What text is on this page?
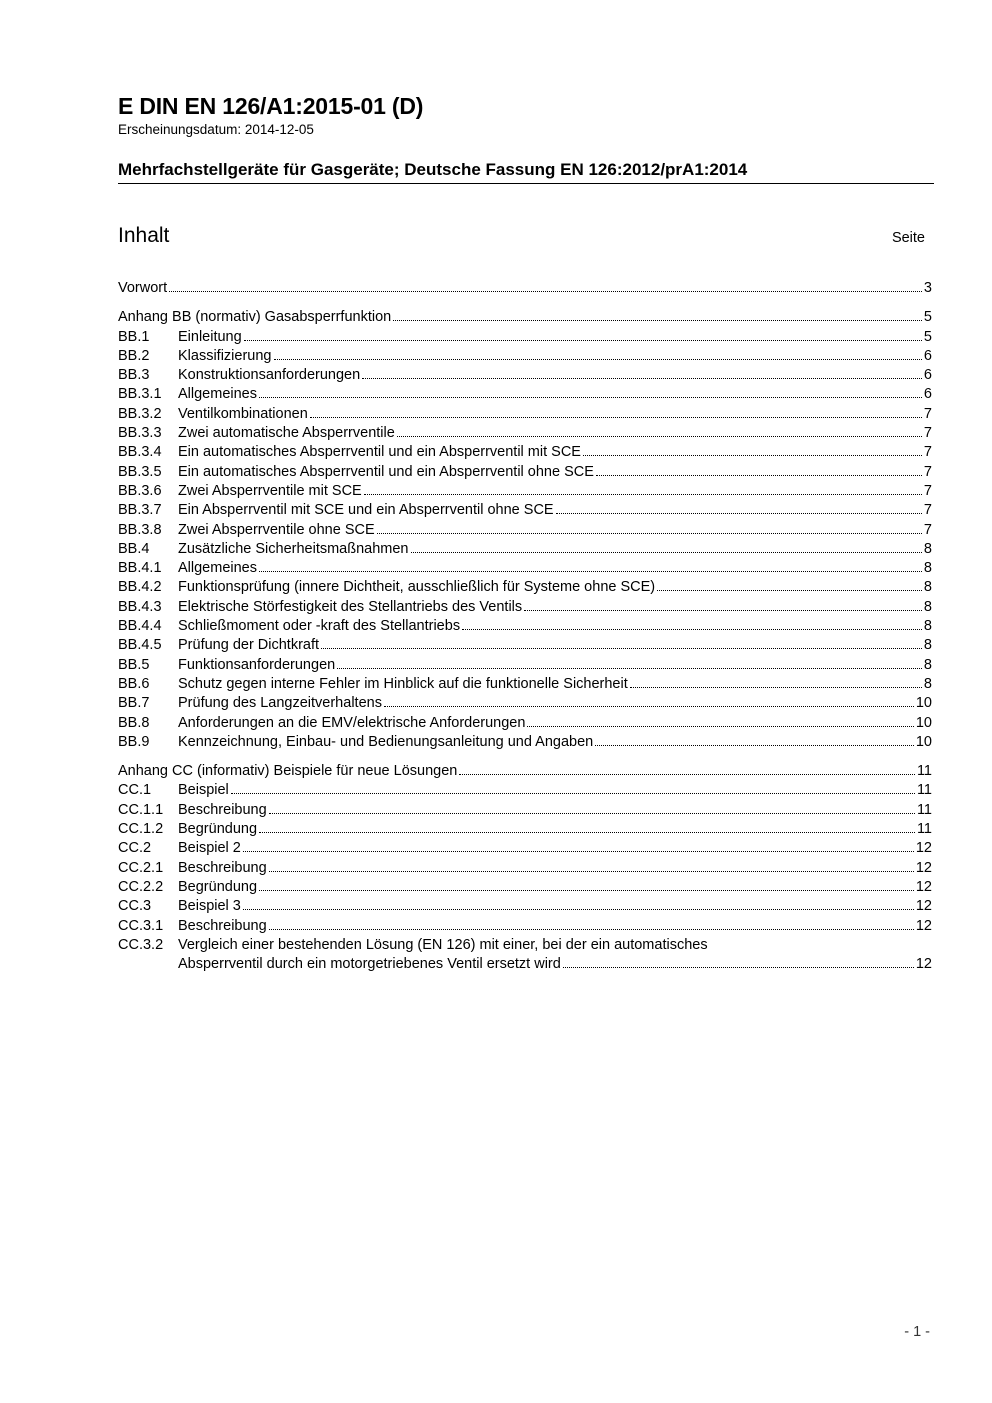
E DIN EN 126/A1:2015-01 (D)
Erscheinungsdatum: 2014-12-05
Mehrfachstellgeräte für Gasgeräte; Deutsche Fassung EN 126:2012/prA1:2014
Inhalt	Seite
Vorwort	3
Anhang BB (normativ) Gasabsperrfunktion	5
BB.1	Einleitung	5
BB.2	Klassifizierung	6
BB.3	Konstruktionsanforderungen	6
BB.3.1	Allgemeines	6
BB.3.2	Ventilkombinationen	7
BB.3.3	Zwei automatische Absperrventile	7
BB.3.4	Ein automatisches Absperrventil und ein Absperrventil mit SCE	7
BB.3.5	Ein automatisches Absperrventil und ein Absperrventil ohne SCE	7
BB.3.6	Zwei Absperrventile mit SCE	7
BB.3.7	Ein Absperrventil mit SCE und ein Absperrventil ohne SCE	7
BB.3.8	Zwei Absperrventile ohne SCE	7
BB.4	Zusätzliche Sicherheitsmaßnahmen	8
BB.4.1	Allgemeines	8
BB.4.2	Funktionsprüfung (innere Dichtheit, ausschließlich für Systeme ohne SCE)	8
BB.4.3	Elektrische Störfestigkeit des Stellantriebs des Ventils	8
BB.4.4	Schließmoment oder -kraft des Stellantriebs	8
BB.4.5	Prüfung der Dichtkraft	8
BB.5	Funktionsanforderungen	8
BB.6	Schutz gegen interne Fehler im Hinblick auf die funktionelle Sicherheit	8
BB.7	Prüfung des Langzeitverhaltens	10
BB.8	Anforderungen an die EMV/elektrische Anforderungen	10
BB.9	Kennzeichnung, Einbau- und Bedienungsanleitung und Angaben	10
Anhang CC (informativ) Beispiele für neue Lösungen	11
CC.1	Beispiel	11
CC.1.1	Beschreibung	11
CC.1.2	Begründung	11
CC.2	Beispiel 2	12
CC.2.1	Beschreibung	12
CC.2.2	Begründung	12
CC.3	Beispiel 3	12
CC.3.1	Beschreibung	12
CC.3.2	Vergleich einer bestehenden Lösung (EN 126) mit einer, bei der ein automatisches
Absperrventil durch ein motorgetriebenes Ventil ersetzt wird	12
- 1 -
